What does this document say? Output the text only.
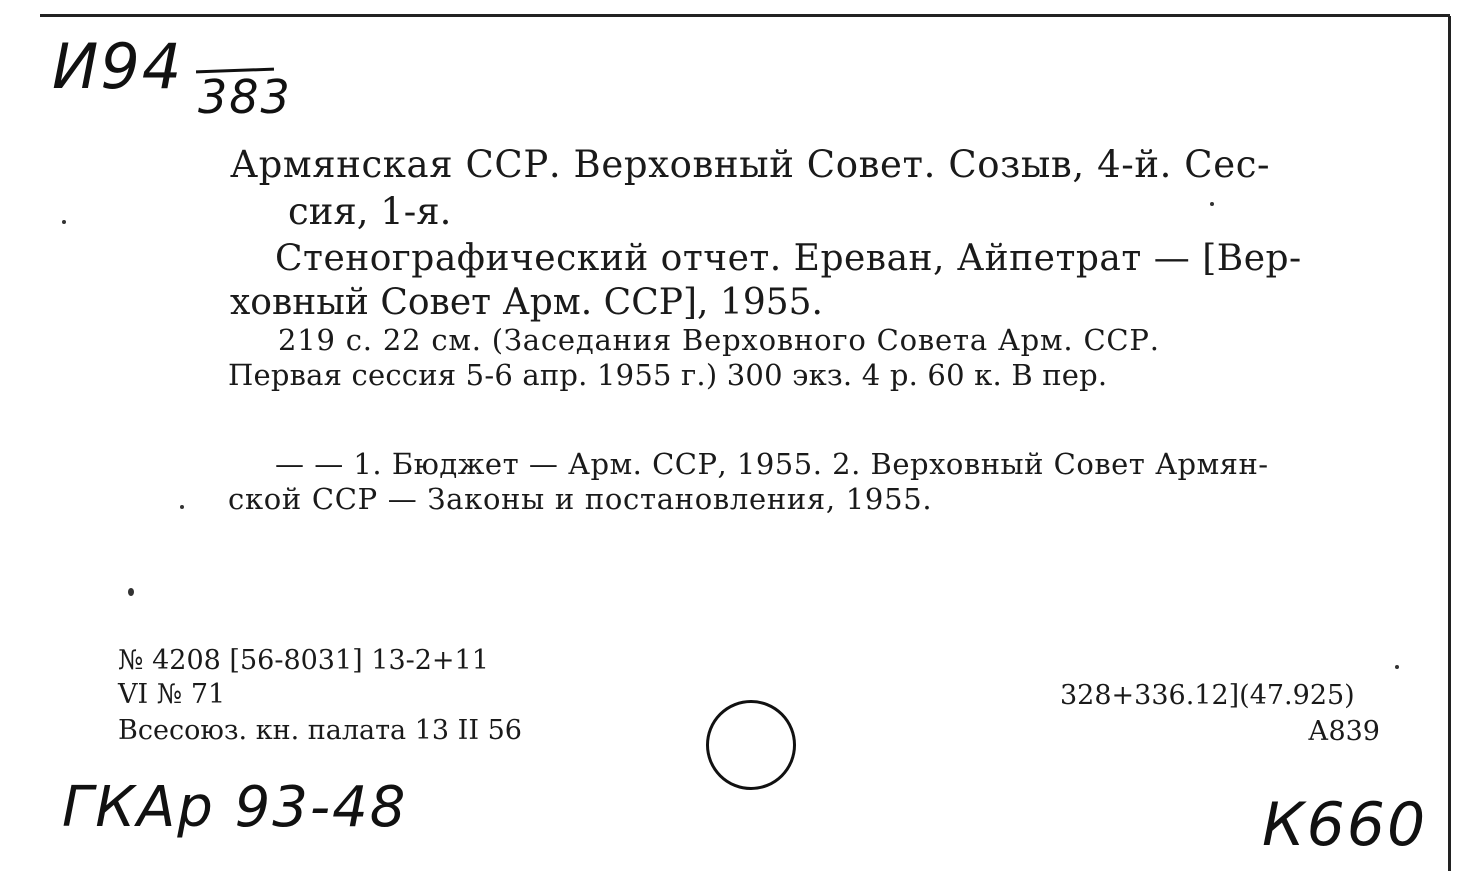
И94 383
Армянская ССР. Верховный Совет. Созыв, 4-й. Сес-
сия, 1-я.
Стенографический отчет. Ереван, Айпетрат — [Вер-
ховный Совет Арм. ССР], 1955.
219 с. 22 см. (Заседания Верховного Совета Арм. ССР.
Первая сессия 5-6 апр. 1955 г.) 300 экз. 4 р. 60 к. В пер.
— — 1. Бюджет — Арм. ССР, 1955. 2. Верховный Совет Армян-
ской ССР — Законы и постановления, 1955.
№ 4208 [56-8031] 13-2+11
VI № 71
Всесоюз. кн. палата 13 II 56
328+336.12](47.925)
А839
ГКАр 93-48	К660
